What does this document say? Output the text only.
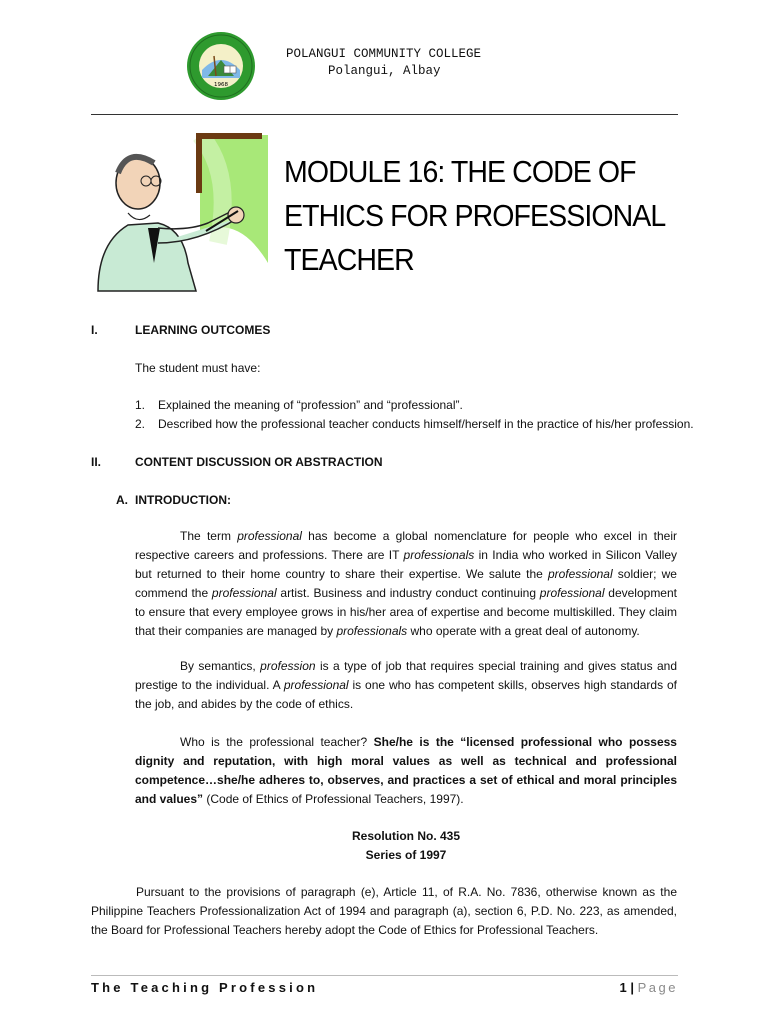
1968
POLANGUI COMMUNITY COLLEGE
Polangui, Albay
MODULE 16: THE CODE OF
ETHICS FOR PROFESSIONAL
TEACHER
I.	LEARNING OUTCOMES
The student must have:
1. Explained the meaning of “profession” and “professional”.
2. Described how the professional teacher conducts himself/herself in the practice of his/her profession.
II.	CONTENT DISCUSSION OR ABSTRACTION
A. INTRODUCTION:

The term professional has become a global nomenclature for people who excel in their respective careers and professions. There are IT professionals in India who worked in Silicon Valley but returned to their home country to share their expertise. We salute the professional soldier; we commend the professional artist. Business and industry conduct continuing professional development to ensure that every employee grows in his/her area of expertise and become multiskilled. They claim that their companies are managed by professionals who operate with a great deal of autonomy.

By semantics, profession is a type of job that requires special training and gives status and prestige to the individual. A professional is one who has competent skills, observes high standards of the job, and abides by the code of ethics.

Who is the professional teacher? She/he is the “licensed professional who possess dignity and reputation, with high moral values as well as technical and professional competence…she/he adheres to, observes, and practices a set of ethical and moral principles and values” (Code of Ethics of Professional Teachers, 1997).

Resolution No. 435
Series of 1997

Pursuant to the provisions of paragraph (e), Article 11, of R.A. No. 7836, otherwise known as the Philippine Teachers Professionalization Act of 1994 and paragraph (a), section 6, P.D. No. 223, as amended, the Board for Professional Teachers hereby adopt the Code of Ethics for Professional Teachers.

The Teaching Profession	1 | Page
